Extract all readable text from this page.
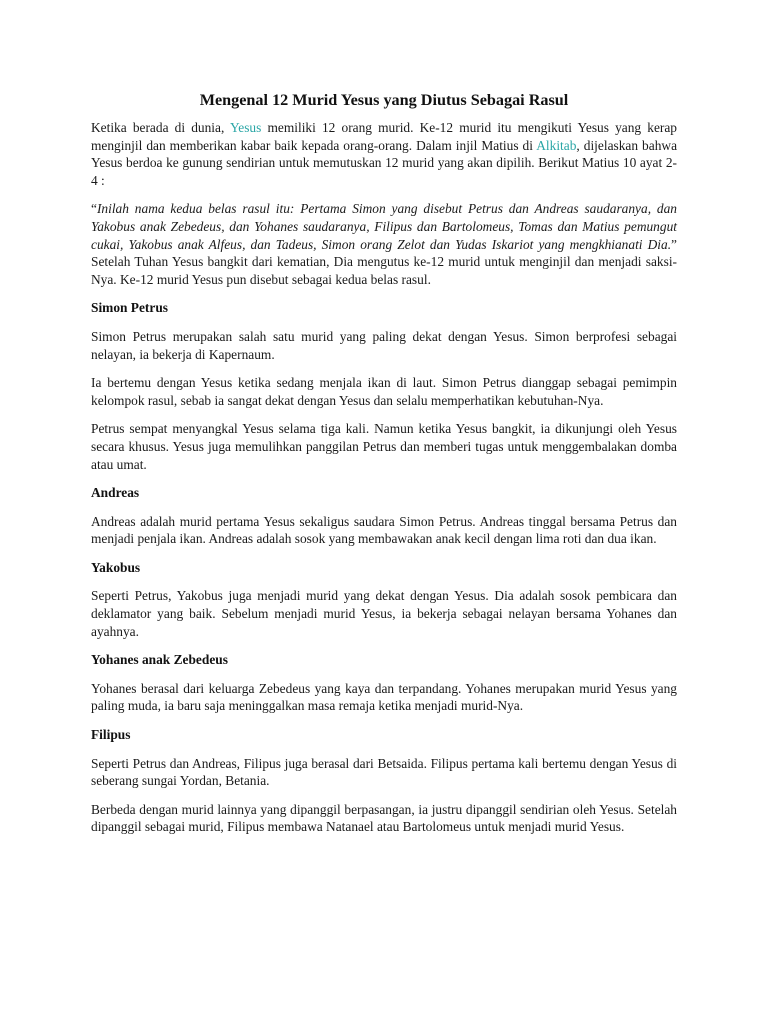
Mengenal 12 Murid Yesus yang Diutus Sebagai Rasul

Ketika berada di dunia, Yesus memiliki 12 orang murid. Ke-12 murid itu mengikuti Yesus yang kerap menginjil dan memberikan kabar baik kepada orang-orang. Dalam injil Matius di Alkitab, dijelaskan bahwa Yesus berdoa ke gunung sendirian untuk memutuskan 12 murid yang akan dipilih. Berikut Matius 10 ayat 2-4 :

“Inilah nama kedua belas rasul itu: Pertama Simon yang disebut Petrus dan Andreas saudaranya, dan Yakobus anak Zebedeus, dan Yohanes saudaranya, Filipus dan Bartolomeus, Tomas dan Matius pemungut cukai, Yakobus anak Alfeus, dan Tadeus, Simon orang Zelot dan Yudas Iskariot yang mengkhianati Dia.” Setelah Tuhan Yesus bangkit dari kematian, Dia mengutus ke-12 murid untuk menginjil dan menjadi saksi-Nya. Ke-12 murid Yesus pun disebut sebagai kedua belas rasul.

Simon Petrus

Simon Petrus merupakan salah satu murid yang paling dekat dengan Yesus. Simon berprofesi sebagai nelayan, ia bekerja di Kapernaum.

Ia bertemu dengan Yesus ketika sedang menjala ikan di laut. Simon Petrus dianggap sebagai pemimpin kelompok rasul, sebab ia sangat dekat dengan Yesus dan selalu memperhatikan kebutuhan-Nya.

Petrus sempat menyangkal Yesus selama tiga kali. Namun ketika Yesus bangkit, ia dikunjungi oleh Yesus secara khusus. Yesus juga memulihkan panggilan Petrus dan memberi tugas untuk menggembalakan domba atau umat.

Andreas

Andreas adalah murid pertama Yesus sekaligus saudara Simon Petrus. Andreas tinggal bersama Petrus dan menjadi penjala ikan. Andreas adalah sosok yang membawakan anak kecil dengan lima roti dan dua ikan.

Yakobus

Seperti Petrus, Yakobus juga menjadi murid yang dekat dengan Yesus. Dia adalah sosok pembicara dan deklamator yang baik. Sebelum menjadi murid Yesus, ia bekerja sebagai nelayan bersama Yohanes dan ayahnya.

Yohanes anak Zebedeus

Yohanes berasal dari keluarga Zebedeus yang kaya dan terpandang. Yohanes merupakan murid Yesus yang paling muda, ia baru saja meninggalkan masa remaja ketika menjadi murid-Nya.

Filipus

Seperti Petrus dan Andreas, Filipus juga berasal dari Betsaida. Filipus pertama kali bertemu dengan Yesus di seberang sungai Yordan, Betania.

Berbeda dengan murid lainnya yang dipanggil berpasangan, ia justru dipanggil sendirian oleh Yesus. Setelah dipanggil sebagai murid, Filipus membawa Natanael atau Bartolomeus untuk menjadi murid Yesus.
